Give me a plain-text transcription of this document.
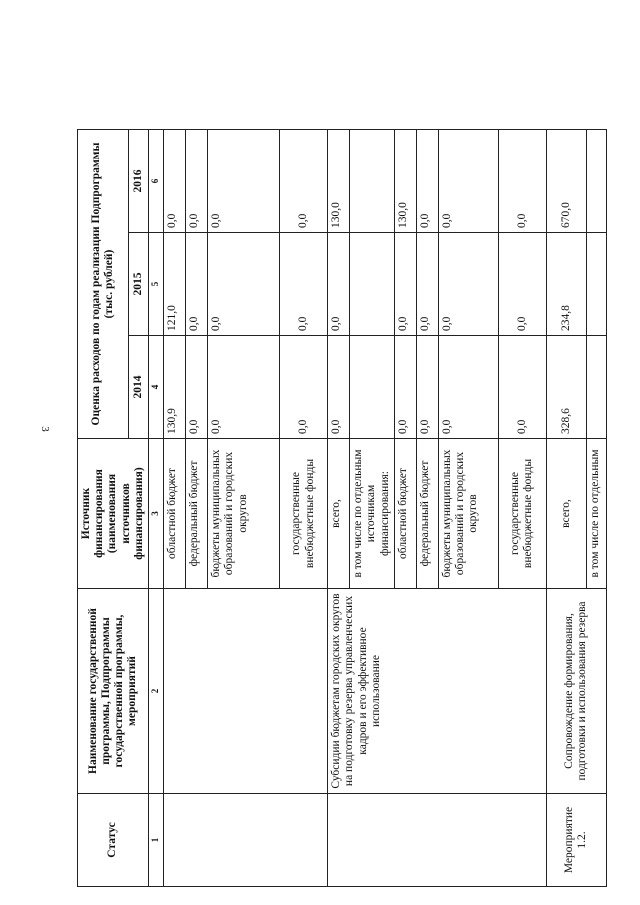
3
Статус	Наименование государственной программы, Подпрограммы государственной программы, мероприятий	Источник финансирования (наименования источников финансирования)	Оценка расходов по годам реализации Подпрограммы (тыс. рублей)		
			2014	2015	2016
1	2	3	4	5	6
		областной бюджет	130,9	121,0	0,0
		федеральный бюджет	0,0	0,0	0,0
		бюджеты муниципальных образований и городских округов	0,0	0,0	0,0
		государственные внебюджетные фонды	0,0	0,0	0,0
	Субсидии бюджетам городских округов на подготовку резерва управленческих кадров и его эффективное использование	всего,	0,0	0,0	130,0
		в том числе по отдельным источникам финансирования:			
		областной бюджет	0,0	0,0	130,0
		федеральный бюджет	0,0	0,0	0,0
		бюджеты муниципальных образований и городских округов	0,0	0,0	0,0
		государственные внебюджетные фонды	0,0	0,0	0,0
Мероприятие 1.2.	Сопровождение формирования, подготовки и использования резерва	всего,	328,6	234,8	670,0
		в том числе по отдельным			
